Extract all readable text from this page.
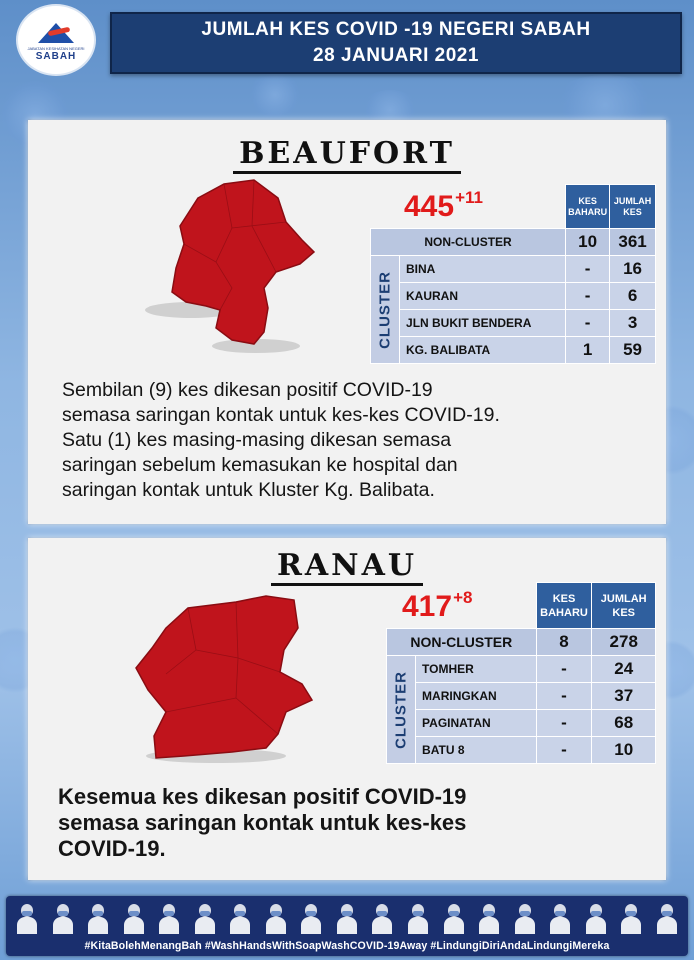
JABATAN KESIHATAN NEGERI
SABAH
JUMLAH KES COVID -19 NEGERI SABAH
28 JANUARI 2021
BEAUFORT
$445^{+11}$
			KES BAHARU	JUMLAH KES
NON-CLUSTER		10	361

CLUSTER	BINA	-	16
	KAURAN	-	6
	JLN BUKIT BENDERA	-	3
	KG. BALIBATA	1	59
Sembilan (9) kes dikesan positif COVID-19
semasa saringan kontak untuk kes-kes COVID-19.
Satu (1) kes masing-masing dikesan semasa
saringan sebelum kemasukan ke hospital dan
saringan kontak untuk Kluster Kg. Balibata.
RANAU
$417^{+8}$
			KES BAHARU	JUMLAH KES
NON-CLUSTER		8	278

CLUSTER	TOMHER	-	24
	MARINGKAN	-	37
	PAGINATAN	-	68
	BATU 8	-	10
Kesemua kes dikesan positif COVID-19
semasa saringan kontak untuk kes-kes
COVID-19.
#KitaBolehMenangBah #WashHandsWithSoapWashCOVID-19Away #LindungiDiriAndaLindungiMereka
